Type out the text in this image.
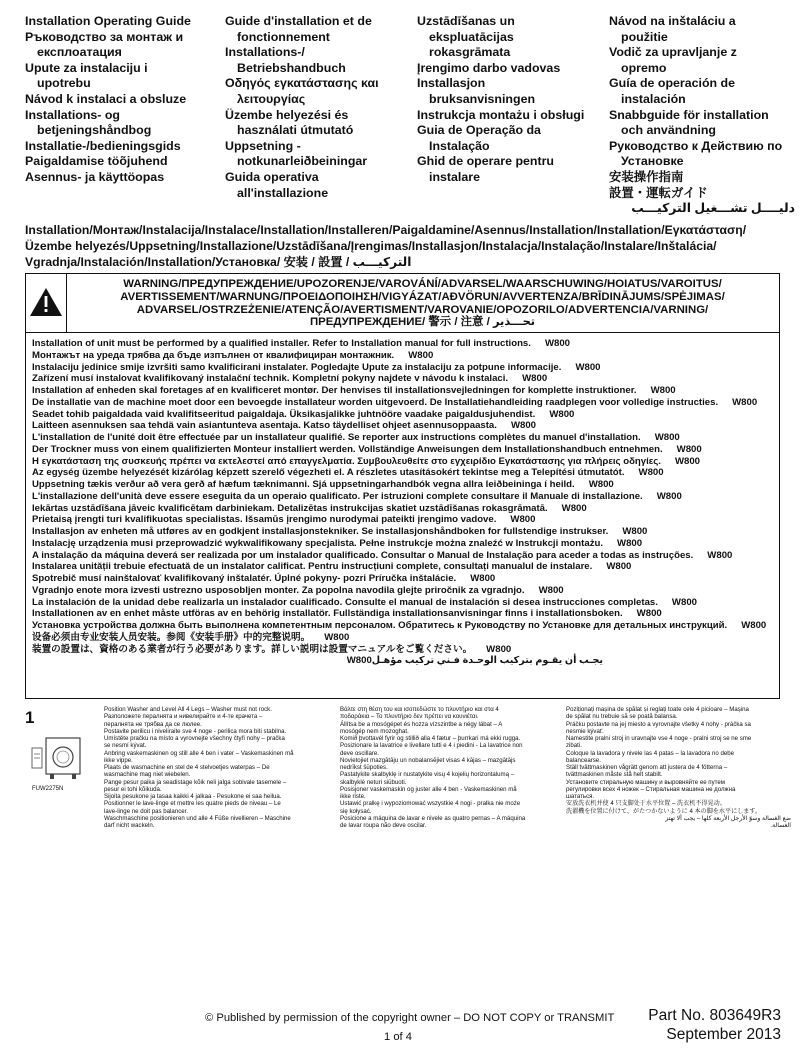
Installation Operating Guide
Ръководство за монтаж и
експлоатация
Upute za instalaciju i
upotrebu
Návod k instalaci a obsluze
Installations- og
betjeningshåndbog
Installatie-/bedieningsgids
Paigaldamise töõjuhend
Asennus- ja käyttöopas
Guide d'installation et de
fonctionnement
Installations-/
Betriebshandbuch
Οδηγός εγκατάστασης και
λειτουργίας
Üzembe helyezési és
használati útmutató
Uppsetning -
notkunarleiðbeiningar
Guida operativa
all'installazione
Uzstādīšanas un
ekspluatācijas
rokasgrāmata
Įrengimo darbo vadovas
Installasjon
bruksanvisningen
Instrukcja montażu i obsługi
Guia de Operação da
Instalação
Ghid de operare pentru
instalare
Návod na inštaláciu a
použitie
Vodič za upravljanje z
opremo
Guía de operación de
instalación
Snabbguide för installation
och användning
Руководство к Действию по
Установке
安装操作指南
設置・運転ガイド
دليــــل تشـــغيل التركيـــب
Installation/Монтаж/Instalacija/Instalace/Installation/Installeren/Paigaldamine/Asennus/Installation/Installation/Εγκατάσταση/
Üzembe helyezés/Uppsetning/Installazione/Uzstādīšana/Įrengimas/Installasjon/Instalacja/Instalação/Instalare/Inštalácia/
Vgradnja/Instalación/Installation/Установка/ 安装 / 設置 / التركيـــب
WARNING/ПРЕДУПРЕЖДЕНИЕ/UPOZORENJE/VAROVÁNÍ/ADVARSEL/WAARSCHUWING/HOIATUS/VAROITUS/
AVERTISSEMENT/WARNUNG/ΠΡΟΕΙΔΟΠΟΙΗΣΗ/VIGYÁZAT/AÐVÖRUN/AVVERTENZA/BRĪDINĀJUMS/SPĖJIMAS/
ADVARSEL/OSTRZEŻENIE/ATENÇÃO/AVERTISMENT/VAROVANIE/OPOZORILO/ADVERTENCIA/VARNING/
ПРЕДУПРЕЖДЕНИЕ/ 警示 / 注意 / تحـــذير
Installation of unit must be performed by a qualified installer. Refer to Installation manual for full instructions. W800
Монтажът на уреда трябва да бъде изпълнен от квалифициран монтажник. W800
Instalaciju jedinice smije izvršiti samo kvalificirani instalater. Pogledajte Upute za instalaciju za potpune informacije. W800
Zařízení musí instalovat kvalifikovaný instalační technik. Kompletní pokyny najdete v návodu k instalaci. W800
Installation af enheden skal foretages af en kvalificeret montør. Der henvises til installationsvejledningen for komplette instruktioner. W800
De installatie van de machine moet door een bevoegde installateur worden uitgevoerd. De Installatiehandleiding raadplegen voor volledige instructies. W800
Seadet tohib paigaldada vaid kvalifitseeritud paigaldaja. Üksikasjalikke juhtnööre vaadake paigaldusjuhendist. W800
Laitteen asennuksen saa tehdä vain asiantunteva asentaja. Katso täydelliset ohjeet asennusoppaasta. W800
L'installation de l'unité doit être effectuée par un installateur qualifié. Se reporter aux instructions complètes du manuel d'installation. W800
Der Trockner muss von einem qualifizierten Monteur installiert werden. Vollständige Anweisungen dem Installationshandbuch entnehmen. W800
Η εγκατάσταση της συσκευής πρέπει να εκτελεστεί από επαγγελματία. Συμβουλευθείτε στο εγχειρίδιο Εγκατάστασης για πλήρεις οδηγίες. W800
Az egység üzembe helyezését kizárólag képzett szerelő végezheti el. A részletes utasításokért tekintse meg a Telepítési útmutatót. W800
Uppsetning tækis verður að vera gerð af hæfum tæknimanni. Sjá uppsetningarhandbók vegna allra leiðbeininga í heild. W800
L'installazione dell'unità deve essere eseguita da un operaio qualificato. Per istruzioni complete consultare il Manuale di installazione. W800
Iekārtas uzstādīšana jāveic kvalificētam darbiniekam. Detalizētas instrukcijas skatiet uzstādīšanas rokasgrāmatā. W800
Prietaisą įrengti turi kvalifikuotas specialistas. Išsamūs įrengimo nurodymai pateikti įrengimo vadove. W800
Installasjon av enheten må utføres av en godkjent installasjonstekniker. Se installasjonshåndboken for fullstendige instrukser. W800
Instalację urządzenia musi przeprowadzić wykwalifikowany specjalista. Pełne instrukcje można znaleźć w Instrukcji montażu. W800
A instalação da máquina deverá ser realizada por um instalador qualificado. Consultar o Manual de Instalação para aceder a todas as instruções. W800
Instalarea unității trebuie efectuată de un instalator calificat. Pentru instrucțiuni complete, consultați manualul de instalare. W800
Spotrebič musí nainštalovať kvalifikovaný inštalatér. Úplné pokyny- pozri Príručka inštalácie. W800
Vgradnjo enote mora izvesti ustrezno usposobljen monter. Za popolna navodila glejte priročnik za vgradnjo. W800
La instalación de la unidad debe realizarla un instalador cualificado. Consulte el manual de instalación si desea instrucciones completas. W800
Installationen av en enhet måste utföras av en behörig installatör. Fullständiga installationsanvisningar finns i installationsboken. W800
Установка устройства должна быть выполнена компетентным персоналом. Обратитесь к Руководству по Установке для детальных инструкций. W800
设备必须由专业安装人员安装。参阅《安装手册》中的完整说明。 W800
装置の設置は、資格のある業者が行う必要があります。詳しい説明は設置マニュアルをご覧ください。 W800
يجـب أن يقـوم بتركيب الوحـدة فـني تركيب مؤهـلW800
1
FUW2275N
Position Washer and Level All 4 Legs – Washer must not rock.
Разположете пералнята и нивелирайте и 4-те крачета –
пералнята не трябва да се люлее.
Postavite perilicu i niveliraite sve 4 noge - perilica mora biti stabilna.
Umístěte pračku na místo a vyrovnejte všechny čtyři nohy – pračka
se nesmí kývat.
Anbring vaskemaskinen og still alle 4 ben i vater – Vaskemaskinen må
ikke vippe.
Plaats de wasmachine en stel de 4 stelvoetjes waterpas – De
wasmachine mag niet wiebelen.
Pange pesur paika ja seadistage kõik neli jalga sobivale tasemele –
pesur ei tohi kõikuda.
Sijoita pesukone ja tasaa kaikki 4 jalkaa - Pesukone ei saa heilua.
Positionner le lave-linge et mettre les quatre pieds de niveau – Le
lave-linge ne doit pas balancer.
Waschmaschine positionieren und alle 4 Füße nivellieren – Maschine
darf nicht wackeln.
Βάλτε στη θέση του και ισοπεδώστε το πλυντήριο και στα 4
ποδαράκια – Το πλυντήριο δεν πρέπει να κουνιέται.
Állítsa be a mosógépet és hozza vízszintbe a négy lábat – A
mosógép nem mozoghat.
Komið þvottavél fyrir og stillið alla 4 fætur – þurrkari má ekki rugga.
Posizionare la lavatrice e livellare tutti e 4 i piedini - La lavatrice non
deve oscillare.
Novietojiet mazgātāju un nobalansējiet visas 4 kājas – mazgātājs
nedrīkst šūpoties.
Pastatykite skalbyklę ir nustatykite visų 4 kojelių horizontalumą –
skalbyklė neturi siūbuoti.
Posisjoner vaskemaskin og juster alle 4 ben - Vaskemaskinen må
ikke riste.
Ustawić pralkę i wypoziomować wszystkie 4 nogi - pralka nie może
się kołysać.
Posicione a máquina de lavar e nivele as quatro pernas – A máquina
de lavar roupa não deve oscilar.
Poziționați mașina de spălat și reglați toate cele 4 picioare – Mașina
de spălat nu trebuie să se poată balansa.
Práčku postavte na jej miesto a vyrovnajte všetky 4 nohy - práčka sa
nesmie kývať.
Namestite pralni stroj in uravnajte vse 4 noge - pralni stroj se ne sme
zibati.
Coloque la lavadora y nivele las 4 patas – la lavadora no debe
balancearse.
Ställ tvättmaskinen vågrätt genom att justera de 4 fötterna –
tvättmaskinen måste stå helt stabilt.
Установите стиральную машину и выровняйте ее путем
регулировки всех 4 ножек – Стиральная машина не должна
шататься.
安放洗衣机并使 4 只支脚处于水平位置 – 洗衣机不得晃动。
洗濯機を位置に付けて、がたつかないように 4 本の脚を水平にします。
ضع الغسالة وسوّ الأرجل الأربعة كلها – يجب ألا تهتز
الغسالة.
© Published by permission of the copyright owner – DO NOT COPY or TRANSMIT
1 of 4
Part No. 803649R3
September 2013
